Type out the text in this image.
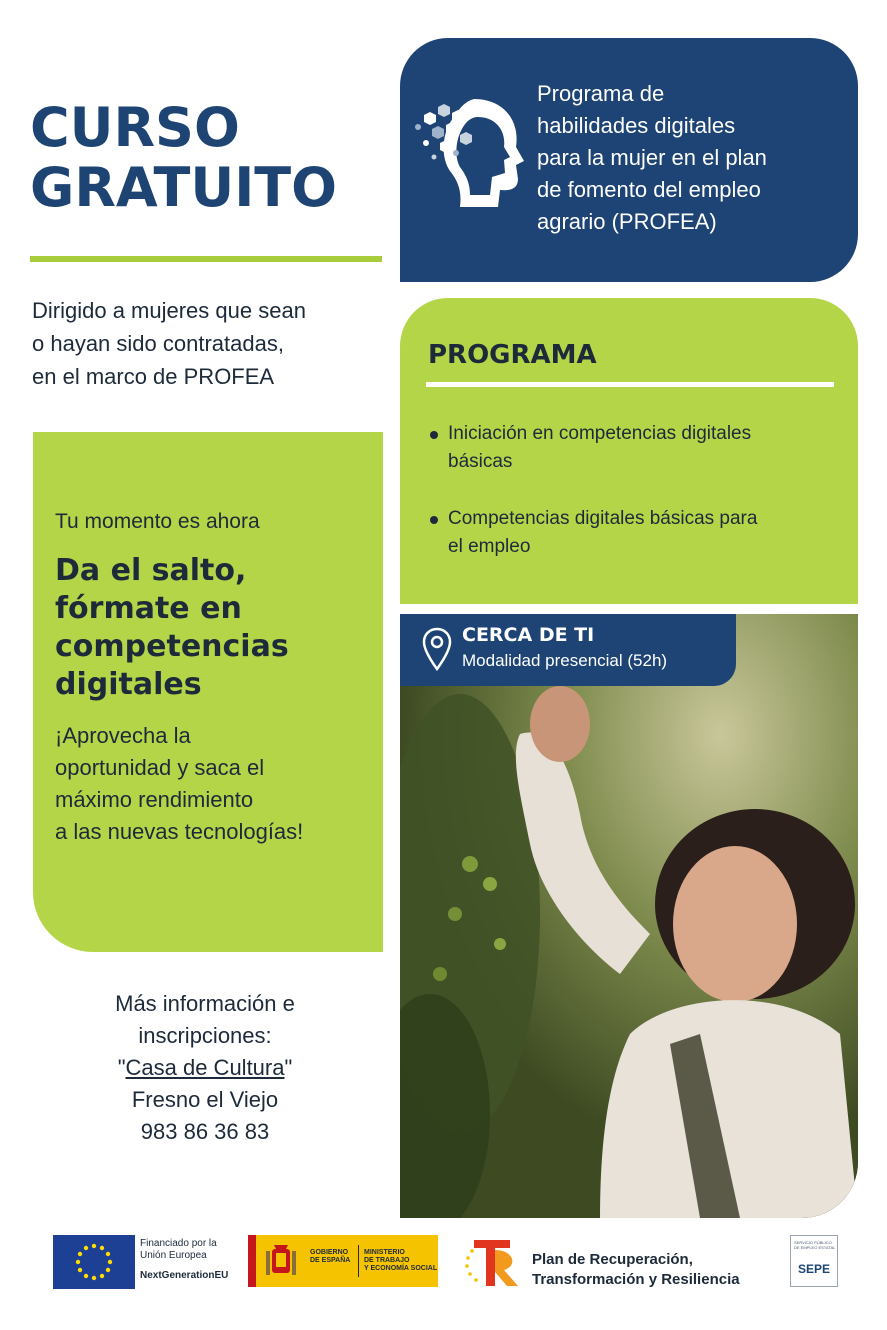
CURSO
GRATUITO
Dirigido a mujeres que sean
o hayan sido contratadas,
en el marco de PROFEA
Tu momento es ahora
Da el salto,
fórmate en
competencias
digitales
¡Aprovecha la
oportunidad y saca el
máximo rendimiento
a las nuevas tecnologías!
Más información e
inscripciones:
"Casa de Cultura"
Fresno el Viejo
983 86 36 83
Programa de
habilidades digitales
para la mujer en el plan
de fomento del empleo
agrario (PROFEA)
PROGRAMA
Iniciación en competencias digitales
básicas
Competencias digitales básicas para
el empleo
CERCA DE TI
Modalidad presencial (52h)
Financiado por la
Unión Europea
NextGenerationEU
GOBIERNO
DE ESPAÑA
MINISTERIO
DE TRABAJO
Y ECONOMÍA SOCIAL
Plan de Recuperación,
Transformación y Resiliencia
SERVICIO PÚBLICO
DE EMPLEO ESTATAL
SEPE
